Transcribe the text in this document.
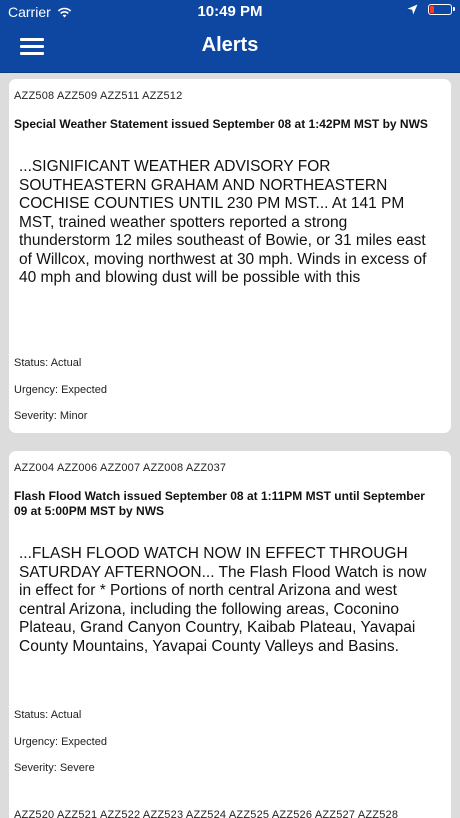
Carrier	10:49 PM
Alerts
AZZ508 AZZ509 AZZ511 AZZ512
Special Weather Statement issued September 08 at 1:42PM MST by NWS
...SIGNIFICANT WEATHER ADVISORY FOR SOUTHEASTERN GRAHAM AND NORTHEASTERN COCHISE COUNTIES UNTIL 230 PM MST... At 141 PM MST, trained weather spotters reported a strong thunderstorm 12 miles southeast of Bowie, or 31 miles east of Willcox, moving northwest at 30 mph. Winds in excess of 40 mph and blowing dust will be possible with this
Status: Actual
Urgency: Expected
Severity: Minor
AZZ004 AZZ006 AZZ007 AZZ008 AZZ037
Flash Flood Watch issued September 08 at 1:11PM MST until September 09 at 5:00PM MST by NWS
...FLASH FLOOD WATCH NOW IN EFFECT THROUGH SATURDAY AFTERNOON... The Flash Flood Watch is now in effect for * Portions of north central Arizona and west central Arizona, including the following areas, Coconino Plateau, Grand Canyon Country, Kaibab Plateau, Yavapai County Mountains, Yavapai County Valleys and Basins.
Status: Actual
Urgency: Expected
Severity: Severe
AZZ520 AZZ521 AZZ522 AZZ523 AZZ524 AZZ525 AZZ526 AZZ527 AZZ528
